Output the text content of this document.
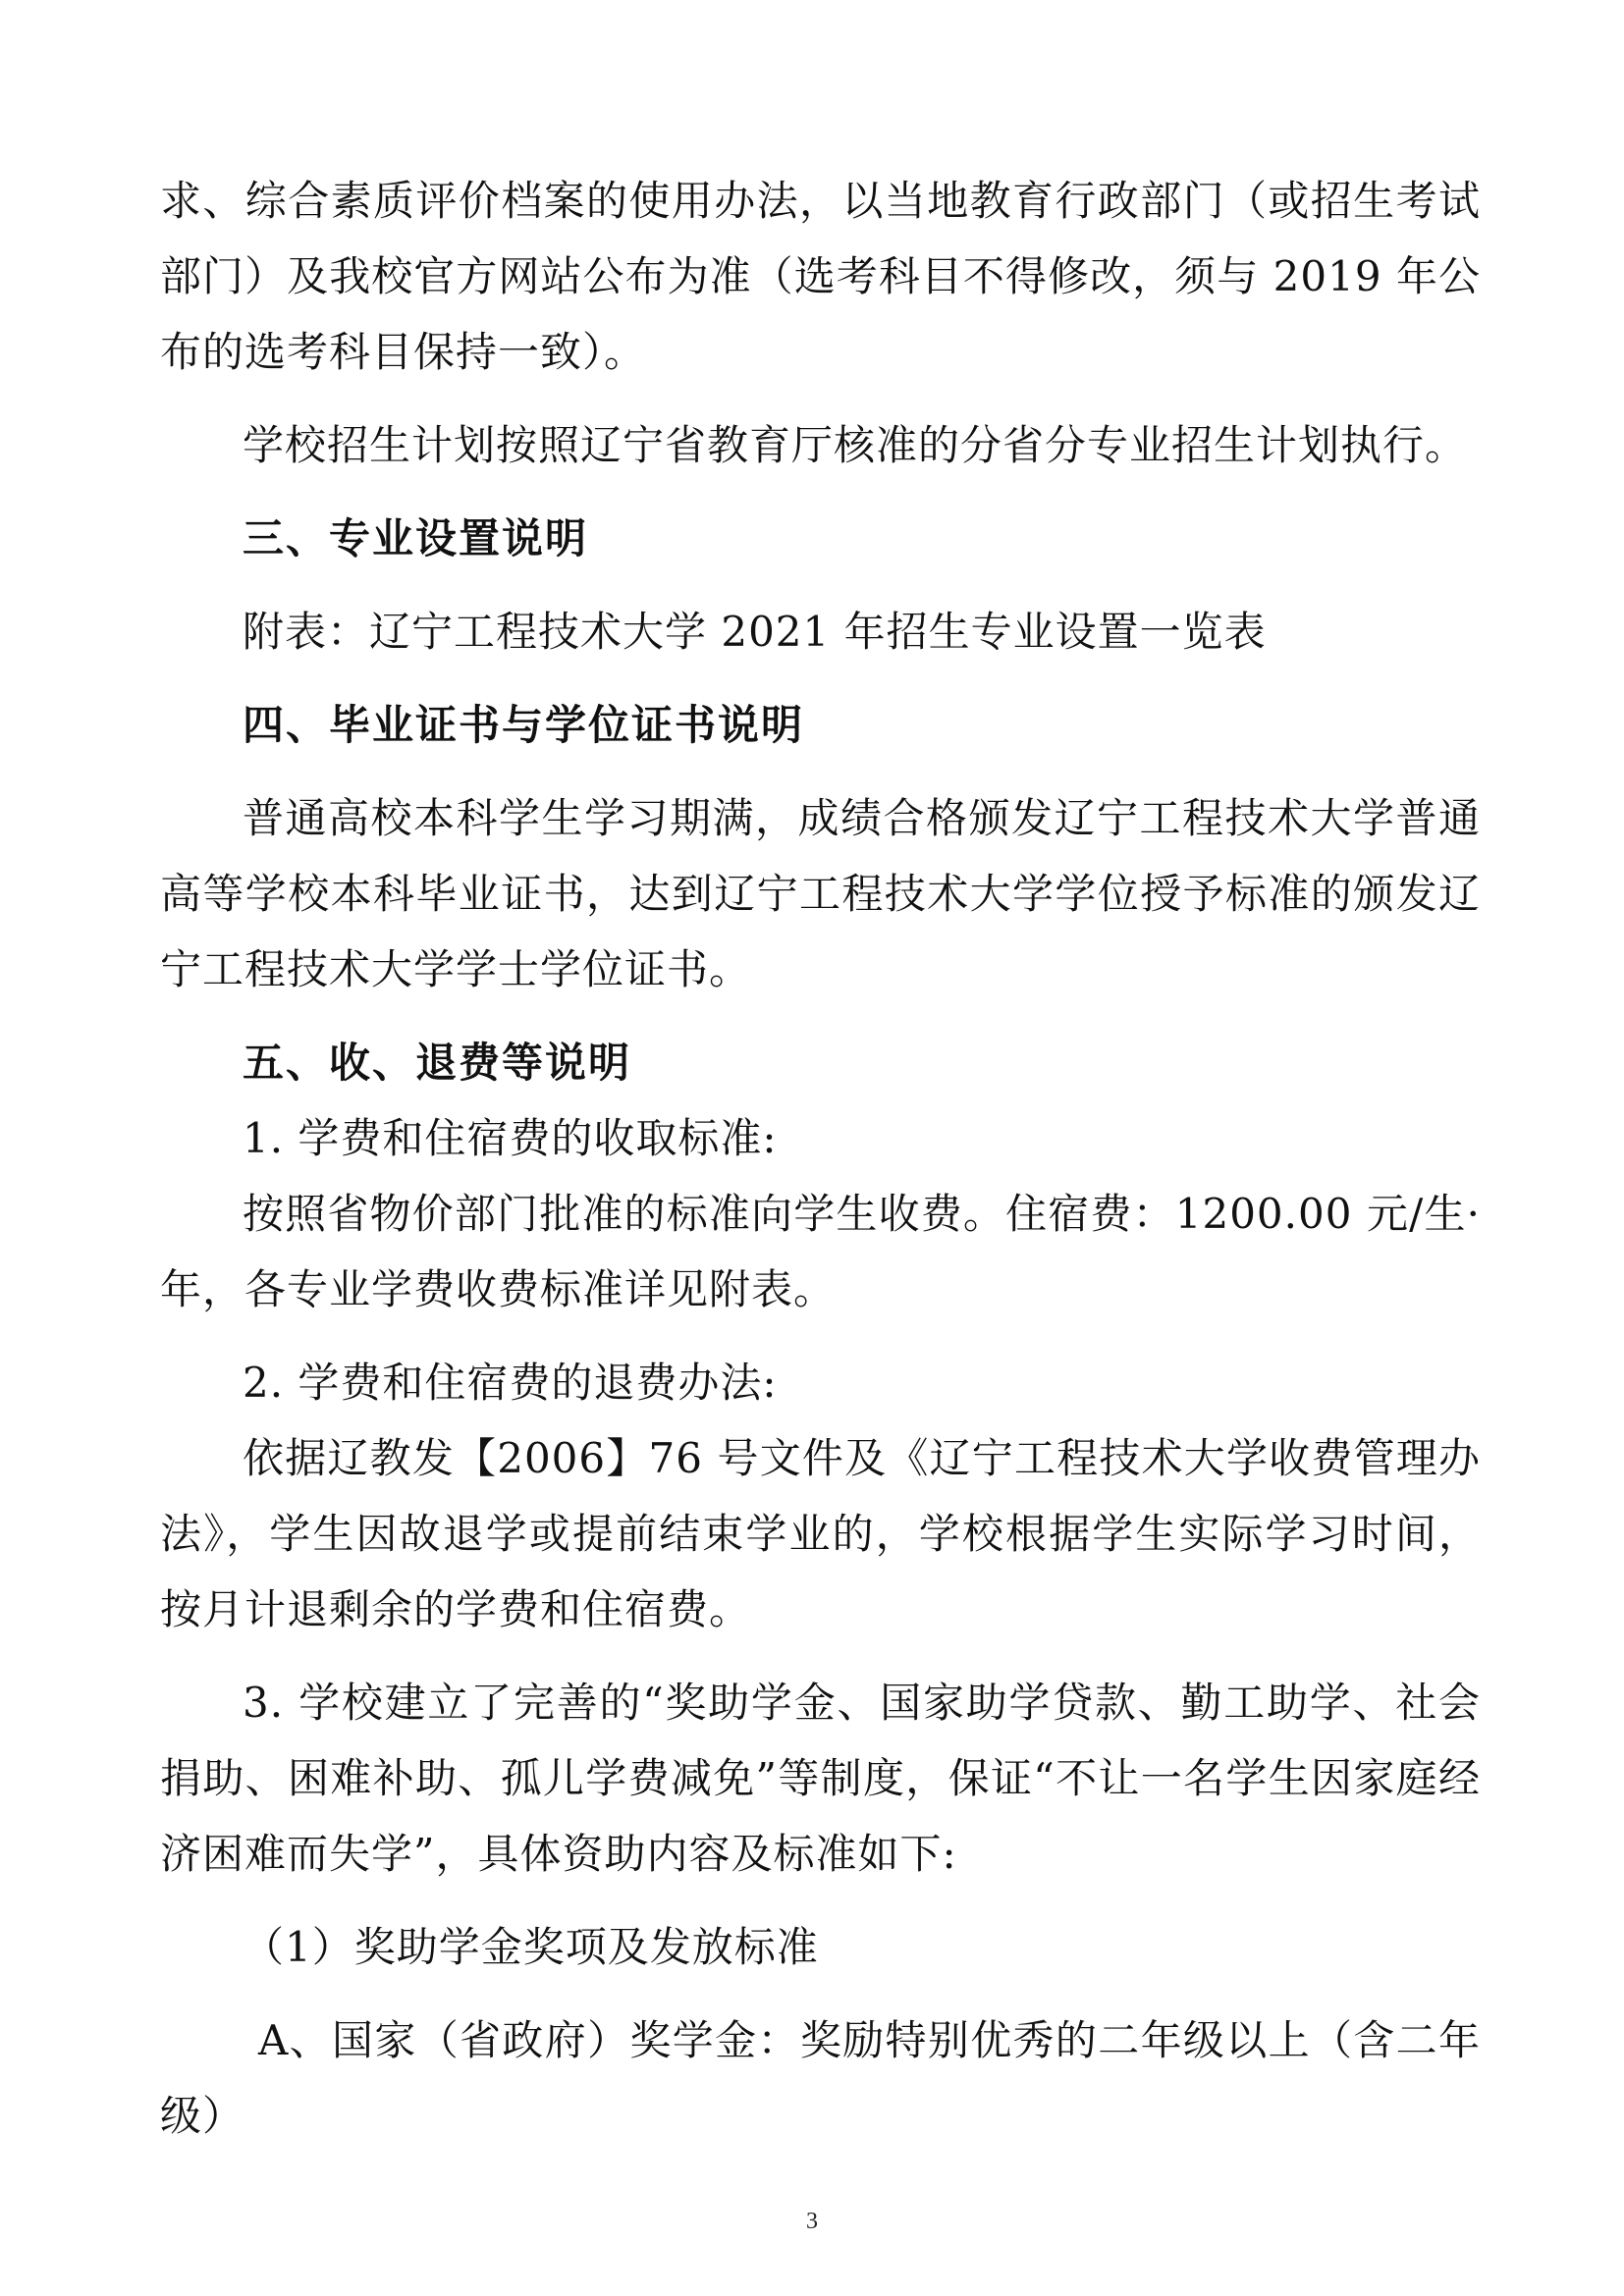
求、综合素质评价档案的使用办法，以当地教育行政部门（或招生考试部门）及我校官方网站公布为准（选考科目不得修改，须与 2019 年公布的选考科目保持一致）。

学校招生计划按照辽宁省教育厅核准的分省分专业招生计划执行。

三、专业设置说明

附表：辽宁工程技术大学 2021 年招生专业设置一览表

四、毕业证书与学位证书说明

普通高校本科学生学习期满，成绩合格颁发辽宁工程技术大学普通高等学校本科毕业证书，达到辽宁工程技术大学学位授予标准的颁发辽宁工程技术大学学士学位证书。

五、收、退费等说明

1. 学费和住宿费的收取标准:

按照省物价部门批准的标准向学生收费。住宿费：1200.00 元/生·年，各专业学费收费标准详见附表。

2. 学费和住宿费的退费办法:

依据辽教发【2006】76 号文件及《辽宁工程技术大学收费管理办法》，学生因故退学或提前结束学业的，学校根据学生实际学习时间，按月计退剩余的学费和住宿费。

3. 学校建立了完善的“奖助学金、国家助学贷款、勤工助学、社会捐助、困难补助、孤儿学费减免”等制度，保证“不让一名学生因家庭经济困难而失学”，具体资助内容及标准如下:

（1）奖助学金奖项及发放标准

A、国家（省政府）奖学金：奖励特别优秀的二年级以上（含二年级）

3
